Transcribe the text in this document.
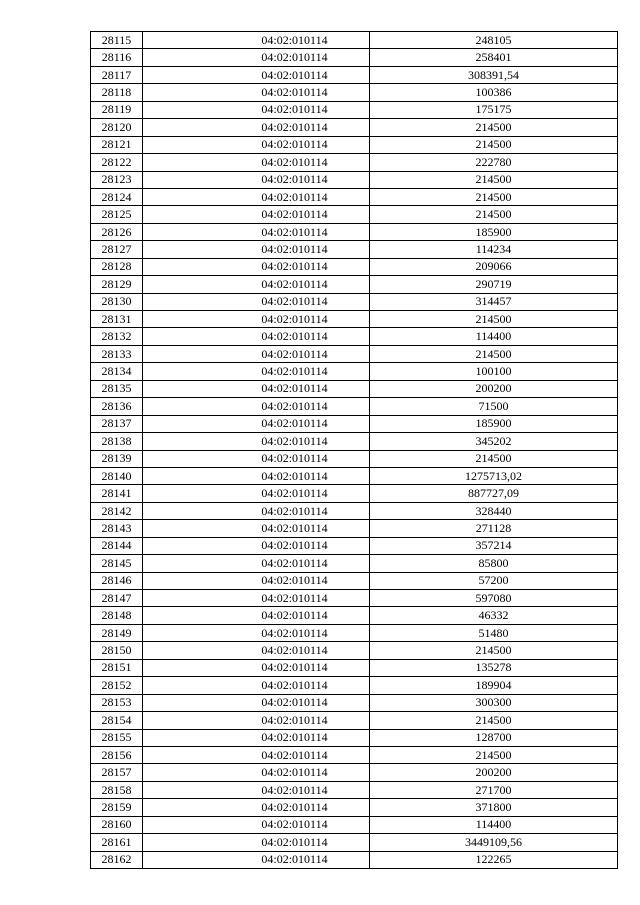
28115	04:02:010114	248105
28116	04:02:010114	258401
28117	04:02:010114	308391,54
28118	04:02:010114	100386
28119	04:02:010114	175175
28120	04:02:010114	214500
28121	04:02:010114	214500
28122	04:02:010114	222780
28123	04:02:010114	214500
28124	04:02:010114	214500
28125	04:02:010114	214500
28126	04:02:010114	185900
28127	04:02:010114	114234
28128	04:02:010114	209066
28129	04:02:010114	290719
28130	04:02:010114	314457
28131	04:02:010114	214500
28132	04:02:010114	114400
28133	04:02:010114	214500
28134	04:02:010114	100100
28135	04:02:010114	200200
28136	04:02:010114	71500
28137	04:02:010114	185900
28138	04:02:010114	345202
28139	04:02:010114	214500
28140	04:02:010114	1275713,02
28141	04:02:010114	887727,09
28142	04:02:010114	328440
28143	04:02:010114	271128
28144	04:02:010114	357214
28145	04:02:010114	85800
28146	04:02:010114	57200
28147	04:02:010114	597080
28148	04:02:010114	46332
28149	04:02:010114	51480
28150	04:02:010114	214500
28151	04:02:010114	135278
28152	04:02:010114	189904
28153	04:02:010114	300300
28154	04:02:010114	214500
28155	04:02:010114	128700
28156	04:02:010114	214500
28157	04:02:010114	200200
28158	04:02:010114	271700
28159	04:02:010114	371800
28160	04:02:010114	114400
28161	04:02:010114	3449109,56
28162	04:02:010114	122265
